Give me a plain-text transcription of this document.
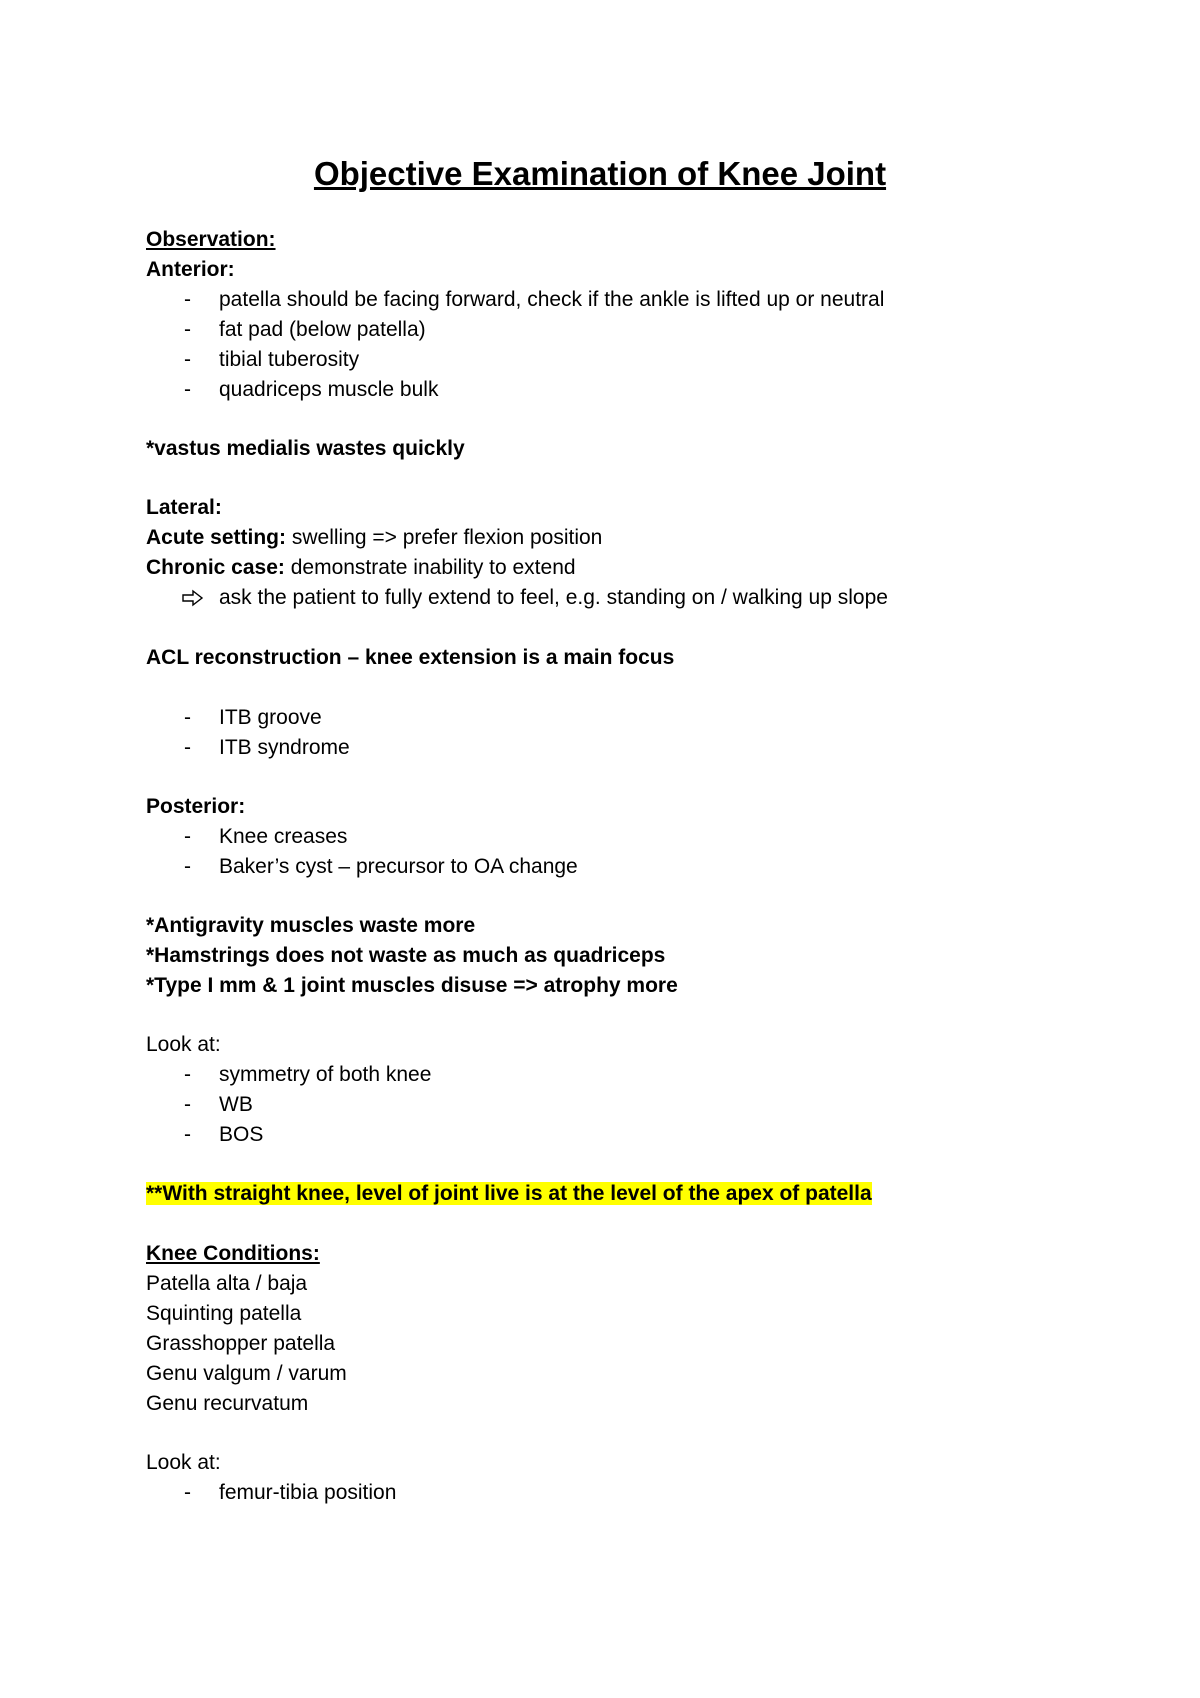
Objective Examination of Knee Joint
Observation:
Anterior:
-	patella should be facing forward, check if the ankle is lifted up or neutral
-	fat pad (below patella)
-	tibial tuberosity
-	quadriceps muscle bulk
*vastus medialis wastes quickly
Lateral:
Acute setting: swelling => prefer flexion position
Chronic case: demonstrate inability to extend
ask the patient to fully extend to feel, e.g. standing on / walking up slope
ACL reconstruction – knee extension is a main focus
-	ITB groove
-	ITB syndrome
Posterior:
-	Knee creases
-	Baker’s cyst – precursor to OA change
*Antigravity muscles waste more
*Hamstrings does not waste as much as quadriceps
*Type I mm & 1 joint muscles disuse => atrophy more
Look at:
-	symmetry of both knee
-	WB
-	BOS
**With straight knee, level of joint live is at the level of the apex of patella
Knee Conditions:
Patella alta / baja
Squinting patella
Grasshopper patella
Genu valgum / varum
Genu recurvatum
Look at:
-	femur-tibia position
